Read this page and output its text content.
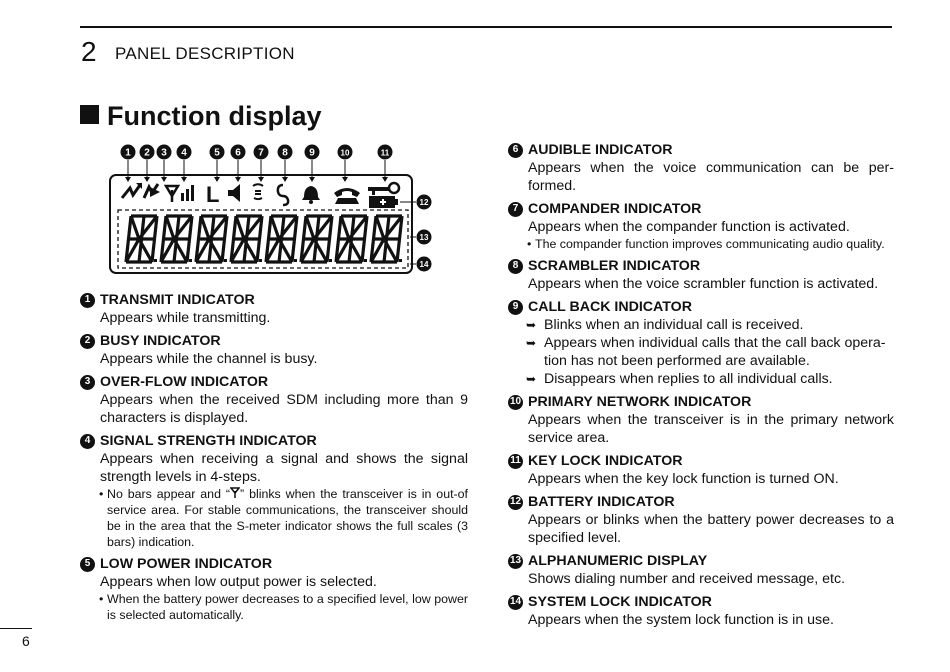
2 PANEL DESCRIPTION
Function display
1 2 3 4	5 6 7 8 9	10	11
L	12
13
14
1 TRANSMIT INDICATOR
Appears while transmitting.
2 BUSY INDICATOR
Appears while the channel is busy.
3 OVER-FLOW INDICATOR
Appears when the received SDM including more than 9 characters is displayed.
4 SIGNAL STRENGTH INDICATOR
Appears when receiving a signal and shows the signal strength levels in 4-steps.
• No bars appear and “ ” blinks when the transceiver is in out-of service area. For stable communications, the transceiver should be in the area that the S-meter indicator shows the full scales (3 bars) indication.
5 LOW POWER INDICATOR
Appears when low output power is selected.
• When the battery power decreases to a specified level, low power is selected automatically.
6 AUDIBLE INDICATOR
Appears when the voice communication can be per-formed.
7 COMPANDER INDICATOR
Appears when the compander function is activated.
• The compander function improves communicating audio quality.
8 SCRAMBLER INDICATOR
Appears when the voice scrambler function is activated.
9 CALL BACK INDICATOR
➥ Blinks when an individual call is received.
➥ Appears when individual calls that the call back opera-tion has not been performed are available.
➥ Disappears when replies to all individual calls.
10 PRIMARY NETWORK INDICATOR
Appears when the transceiver is in the primary network service area.
11 KEY LOCK INDICATOR
Appears when the key lock function is turned ON.
12 BATTERY INDICATOR
Appears or blinks when the battery power decreases to a specified level.
13 ALPHANUMERIC DISPLAY
Shows dialing number and received message, etc.
14 SYSTEM LOCK INDICATOR
Appears when the system lock function is in use.
6
